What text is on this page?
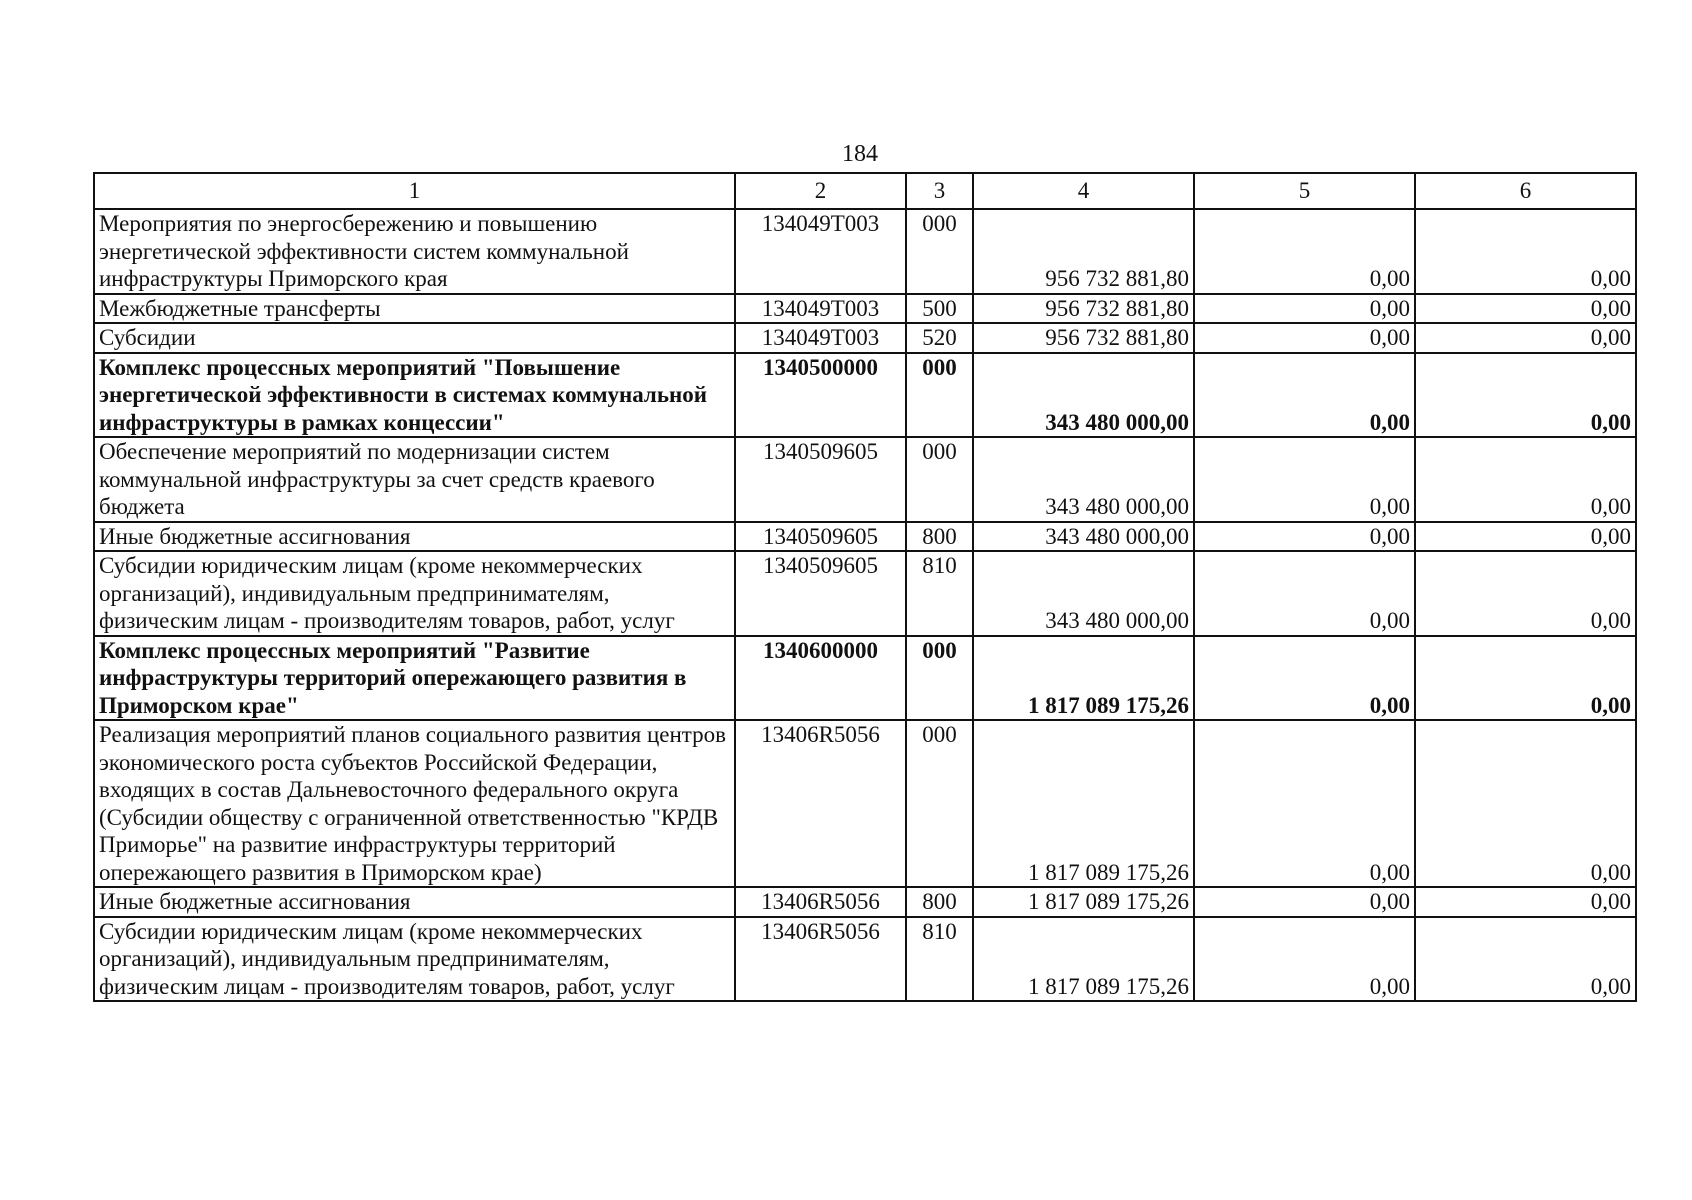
184
1	2	3	4	5	6
Мероприятия по энергосбережению и повышению энергетической эффективности систем коммунальной инфраструктуры Приморского края	134049Т003	000	956 732 881,80	0,00	0,00
Межбюджетные трансферты	134049Т003	500	956 732 881,80	0,00	0,00
Субсидии	134049Т003	520	956 732 881,80	0,00	0,00
Комплекс процессных мероприятий "Повышение энергетической эффективности в системах коммунальной инфраструктуры в рамках концессии"	1340500000	000	343 480 000,00	0,00	0,00
Обеспечение мероприятий по модернизации систем коммунальной инфраструктуры за счет средств краевого бюджета	1340509605	000	343 480 000,00	0,00	0,00
Иные бюджетные ассигнования	1340509605	800	343 480 000,00	0,00	0,00
Субсидии юридическим лицам (кроме некоммерческих организаций), индивидуальным предпринимателям, физическим лицам - производителям товаров, работ, услуг	1340509605	810	343 480 000,00	0,00	0,00
Комплекс процессных мероприятий "Развитие инфраструктуры территорий опережающего развития в Приморском крае"	1340600000	000	1 817 089 175,26	0,00	0,00
Реализация мероприятий планов социального развития центров экономического роста субъектов Российской Федерации, входящих в состав Дальневосточного федерального округа (Субсидии обществу с ограниченной ответственностью "КРДВ Приморье" на развитие инфраструктуры территорий опережающего развития в Приморском крае)	13406R5056	000	1 817 089 175,26	0,00	0,00
Иные бюджетные ассигнования	13406R5056	800	1 817 089 175,26	0,00	0,00
Субсидии юридическим лицам (кроме некоммерческих организаций), индивидуальным предпринимателям, физическим лицам - производителям товаров, работ, услуг	13406R5056	810	1 817 089 175,26	0,00	0,00
